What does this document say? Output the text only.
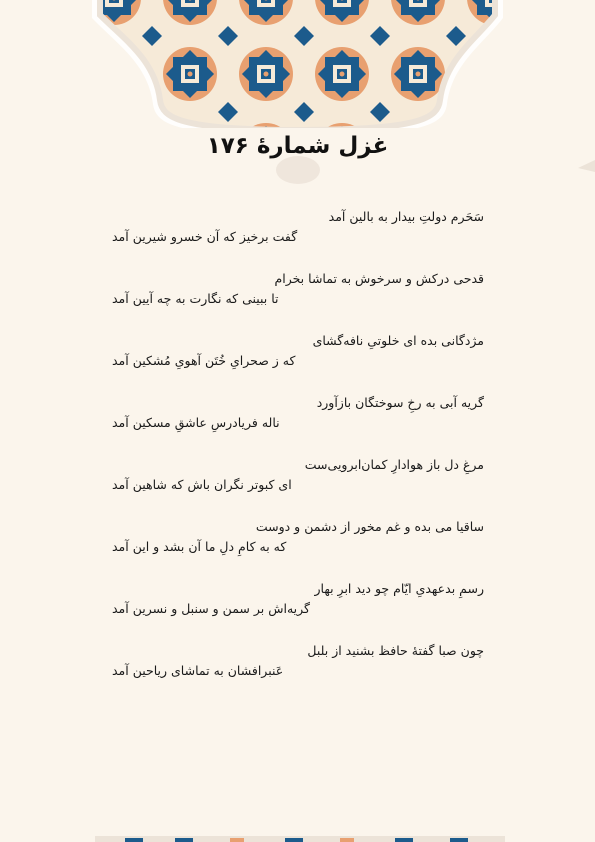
غزل شمارهٔ ۱۷۶
سَحَرم دولتِ بیدار به بالین آمد
گفت برخیز که آن خسرو شیرین آمد
قدحی درکش و سرخوش به تماشا بخرام
تا ببینی که نگارت به چه آیین آمد
مژدگانی بده ای خلوتیِ نافه‌گشای
که ز صحرایِ خُتَن آهویِ مُشکین آمد
گریه آبی به رخِ سوختگان بازآورد
ناله فریادرسِ عاشقِ مسکین آمد
مرغِ دل باز هوادارِ کمان‌ابرویی‌ست
ای کبوتر نگران باش که شاهین آمد
ساقیا می بده و غم مخور از دشمن و دوست
که به کامِ دلِ ما آن بشد و این آمد
رسمِ بدعهدیِ ایّام چو دید ابرِ بهار
گریه‌اش بر سمن و سنبل و نسرین آمد
چون صبا گفتهٔ حافظ بشنید از بلبل
عَنبرافشان به تماشای ریاحین آمد
